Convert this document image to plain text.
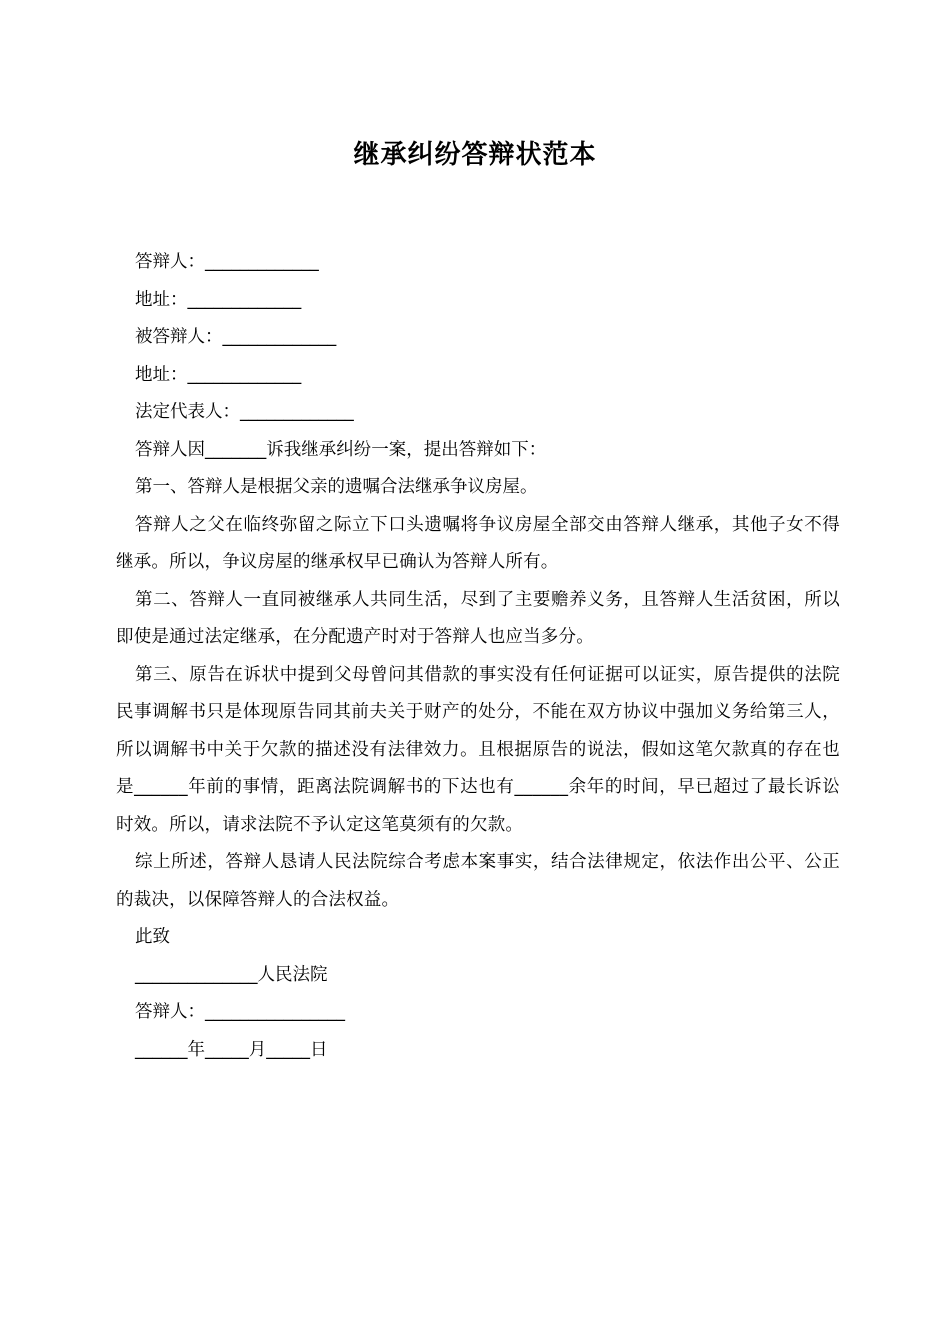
继承纠纷答辩状范本
答辩人：_____________
地址：_____________
被答辩人：_____________
地址：_____________
法定代表人：_____________
答辩人因_______诉我继承纠纷一案，提出答辩如下：
第一、答辩人是根据父亲的遗嘱合法继承争议房屋。
答辩人之父在临终弥留之际立下口头遗嘱将争议房屋全部交由答辩人继承，其他子女不得继承。所以，争议房屋的继承权早已确认为答辩人所有。
第二、答辩人一直同被继承人共同生活，尽到了主要赡养义务，且答辩人生活贫困，所以即使是通过法定继承，在分配遗产时对于答辩人也应当多分。
第三、原告在诉状中提到父母曾问其借款的事实没有任何证据可以证实，原告提供的法院民事调解书只是体现原告同其前夫关于财产的处分，不能在双方协议中强加义务给第三人，所以调解书中关于欠款的描述没有法律效力。且根据原告的说法，假如这笔欠款真的存在也是______年前的事情，距离法院调解书的下达也有______余年的时间，早已超过了最长诉讼时效。所以，请求法院不予认定这笔莫须有的欠款。
综上所述，答辩人恳请人民法院综合考虑本案事实，结合法律规定，依法作出公平、公正的裁决，以保障答辩人的合法权益。
此致
______________人民法院
答辩人：________________
______年_____月_____日
